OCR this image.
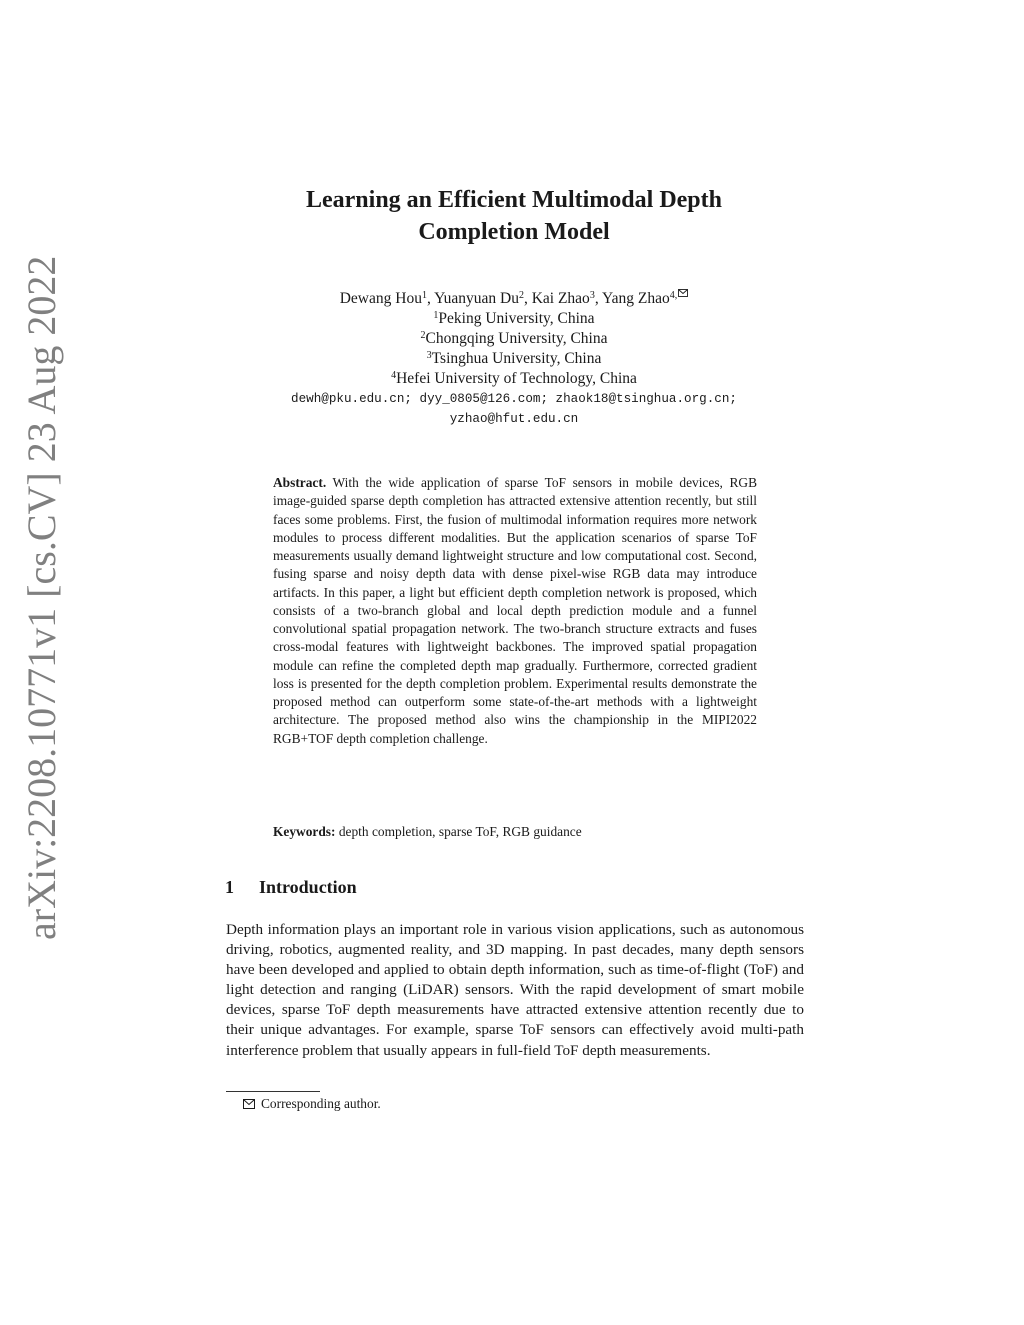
arXiv:2208.10771v1 [cs.CV] 23 Aug 2022
Learning an Efficient Multimodal Depth
Completion Model
Dewang Hou$^1$, Yuanyuan Du$^2$, Kai Zhao$^3$, Yang Zhao$^{4,}$
$^1$Peking University, China
$^2$Chongqing University, China
$^3$Tsinghua University, China
$^4$Hefei University of Technology, China
dewh@pku.edu.cn; dyy_0805@126.com; zhaok18@tsinghua.org.cn;
yzhao@hfut.edu.cn
Abstract. With the wide application of sparse ToF sensors in mobile devices, RGB image-guided sparse depth completion has attracted extensive attention recently, but still faces some problems. First, the fusion of multimodal information requires more network modules to process different modalities. But the application scenarios of sparse ToF measurements usually demand lightweight structure and low computational cost. Second, fusing sparse and noisy depth data with dense pixel-wise RGB data may introduce artifacts. In this paper, a light but efficient depth completion network is proposed, which consists of a two-branch global and local depth prediction module and a funnel convolutional spatial propagation network. The two-branch structure extracts and fuses cross-modal features with lightweight backbones. The improved spatial propagation module can refine the completed depth map gradually. Furthermore, corrected gradient loss is presented for the depth completion problem. Experimental results demonstrate the proposed method can outperform some state-of-the-art methods with a lightweight architecture. The proposed method also wins the championship in the MIPI2022 RGB+TOF depth completion challenge.
Keywords: depth completion, sparse ToF, RGB guidance
1 Introduction
Depth information plays an important role in various vision applications, such as autonomous driving, robotics, augmented reality, and 3D mapping. In past decades, many depth sensors have been developed and applied to obtain depth information, such as time-of-flight (ToF) and light detection and ranging (LiDAR) sensors. With the rapid development of smart mobile devices, sparse ToF depth measurements have attracted extensive attention recently due to their unique advantages. For example, sparse ToF sensors can effectively avoid multi-path interference problem that usually appears in full-field ToF depth measurements.
Corresponding author.
